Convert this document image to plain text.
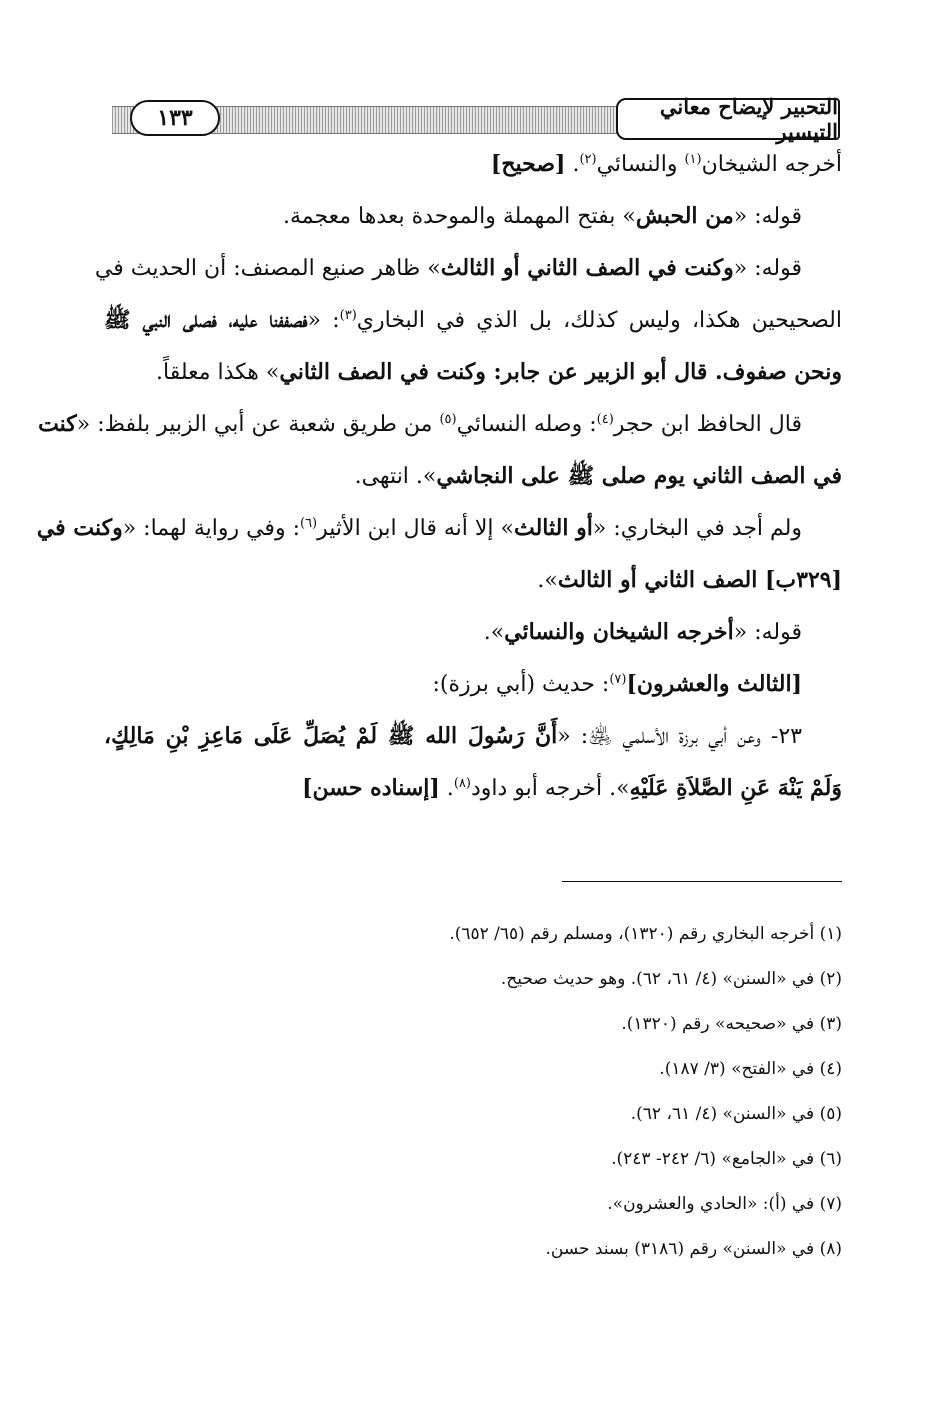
التحبير لإيضاح معاني التيسير
١٣٣
أخرجه الشيخان$^{(١)}$ والنسائي$^{(٢)}$. [صحيح]
قوله: «من الحبش» بفتح المهملة والموحدة بعدها معجمة.
قوله: «وكنت في الصف الثاني أو الثالث» ظاهر صنيع المصنف: أن الحديث في
الصحيحين هكذا، وليس كذلك، بل الذي في البخاري$^{(٣)}$: «فصففنا عليه، فصلى النبي ﷺ
ونحن صفوف. قال أبو الزبير عن جابر: وكنت في الصف الثاني» هكذا معلقاً.
قال الحافظ ابن حجر$^{(٤)}$: وصله النسائي$^{(٥)}$ من طريق شعبة عن أبي الزبير بلفظ: «كنت
في الصف الثاني يوم صلى ﷺ على النجاشي». انتهى.
ولم أجد في البخاري: «أو الثالث» إلا أنه قال ابن الأثير$^{(٦)}$: وفي رواية لهما: «وكنت في
[٣٢٩ب] الصف الثاني أو الثالث».
قوله: «أخرجه الشيخان والنسائي».
[الثالث والعشرون]$^{(٧)}$: حديث (أبي برزة):
٢٣- وعن أبي برزة الأسلمي ﵁: «أَنَّ رَسُولَ الله ﷺ لَمْ يُصَلِّ عَلَى مَاعِزِ بْنِ مَالِكٍ،
وَلَمْ يَنْهَ عَنِ الصَّلاَةِ عَلَيْهِ». أخرجه أبو داود$^{(٨)}$. [إسناده حسن]
(١) أخرجه البخاري رقم (١٣٢٠)، ومسلم رقم (٦٥/ ٦٥٢).
(٢) في «السنن» (٤/ ٦١، ٦٢). وهو حديث صحيح.
(٣) في «صحيحه» رقم (١٣٢٠).
(٤) في «الفتح» (٣/ ١٨٧).
(٥) في «السنن» (٤/ ٦١، ٦٢).
(٦) في «الجامع» (٦/ ٢٤٢- ٢٤٣).
(٧) في (أ): «الحادي والعشرون».
(٨) في «السنن» رقم (٣١٨٦) بسند حسن.
